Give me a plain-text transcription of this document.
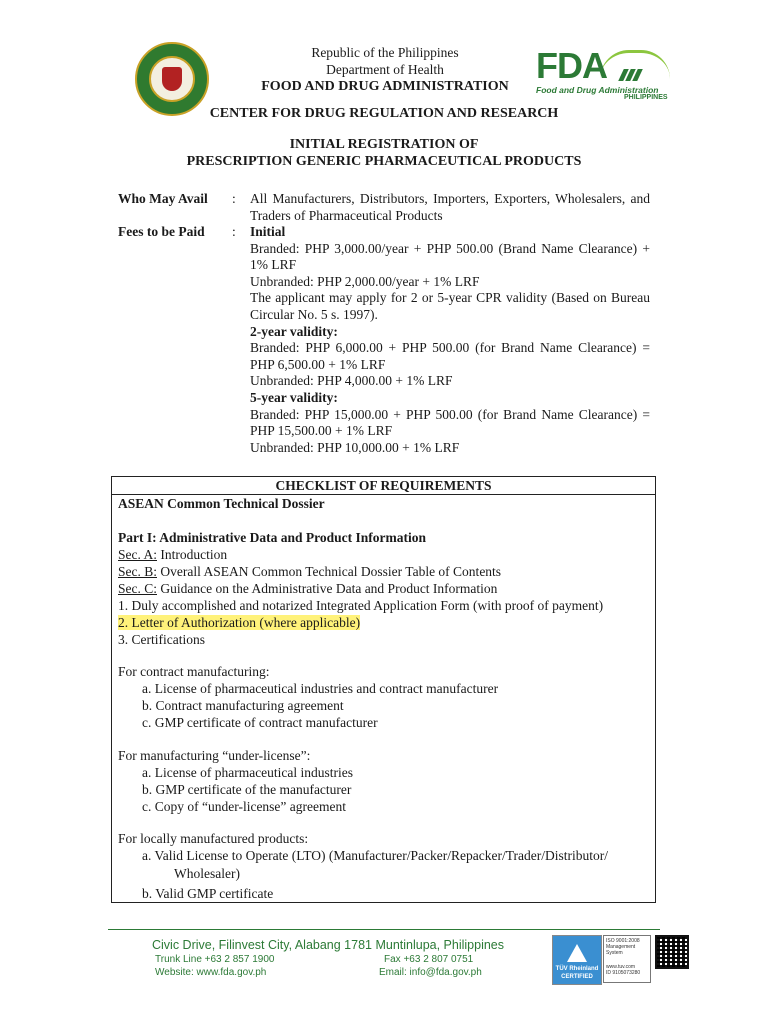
Republic of the Philippines
Department of Health
FOOD AND DRUG ADMINISTRATION
FDA
Food and Drug Administration
PHILIPPINES
CENTER FOR DRUG REGULATION AND RESEARCH
INITIAL REGISTRATION OF
PRESCRIPTION GENERIC PHARMACEUTICAL PRODUCTS
Who May Avail	:	All Manufacturers, Distributors, Importers, Exporters, Wholesalers, and Traders of Pharmaceutical Products
Fees to be Paid	:	Initial
Branded: PHP 3,000.00/year + PHP 500.00 (Brand Name Clearance) + 1% LRF
Unbranded: PHP 2,000.00/year + 1% LRF
The applicant may apply for 2 or 5-year CPR validity (Based on Bureau Circular No. 5 s. 1997).
2-year validity:
Branded: PHP 6,000.00 + PHP 500.00 (for Brand Name Clearance) = PHP 6,500.00 + 1% LRF
Unbranded: PHP 4,000.00 + 1% LRF
5-year validity:
Branded: PHP 15,000.00 + PHP 500.00 (for Brand Name Clearance) = PHP 15,500.00 + 1% LRF
Unbranded: PHP 10,000.00 + 1% LRF
CHECKLIST OF REQUIREMENTS
ASEAN Common Technical Dossier
Part I: Administrative Data and Product Information
Sec. A: Introduction
Sec. B: Overall ASEAN Common Technical Dossier Table of Contents
Sec. C: Guidance on the Administrative Data and Product Information
1. Duly accomplished and notarized Integrated Application Form (with proof of payment)
2. Letter of Authorization (where applicable)
3. Certifications
For contract manufacturing:
a. License of pharmaceutical industries and contract manufacturer
b. Contract manufacturing agreement
c. GMP certificate of contract manufacturer
For manufacturing “under-license”:
a. License of pharmaceutical industries
b. GMP certificate of the manufacturer
c. Copy of “under-license” agreement
For locally manufactured products:
a. Valid License to Operate (LTO) (Manufacturer/Packer/Repacker/Trader/Distributor/
Wholesaler)
b. Valid GMP certificate
Civic Drive, Filinvest City, Alabang 1781 Muntinlupa, Philippines
Trunk Line +63 2 857 1900	Fax +63 2 807 0751
Website: www.fda.gov.ph	Email: info@fda.gov.ph	TÜV Rheinland
CERTIFIED
ISO 9001:2008 Management System
www.tuv.com
ID 9105073280
